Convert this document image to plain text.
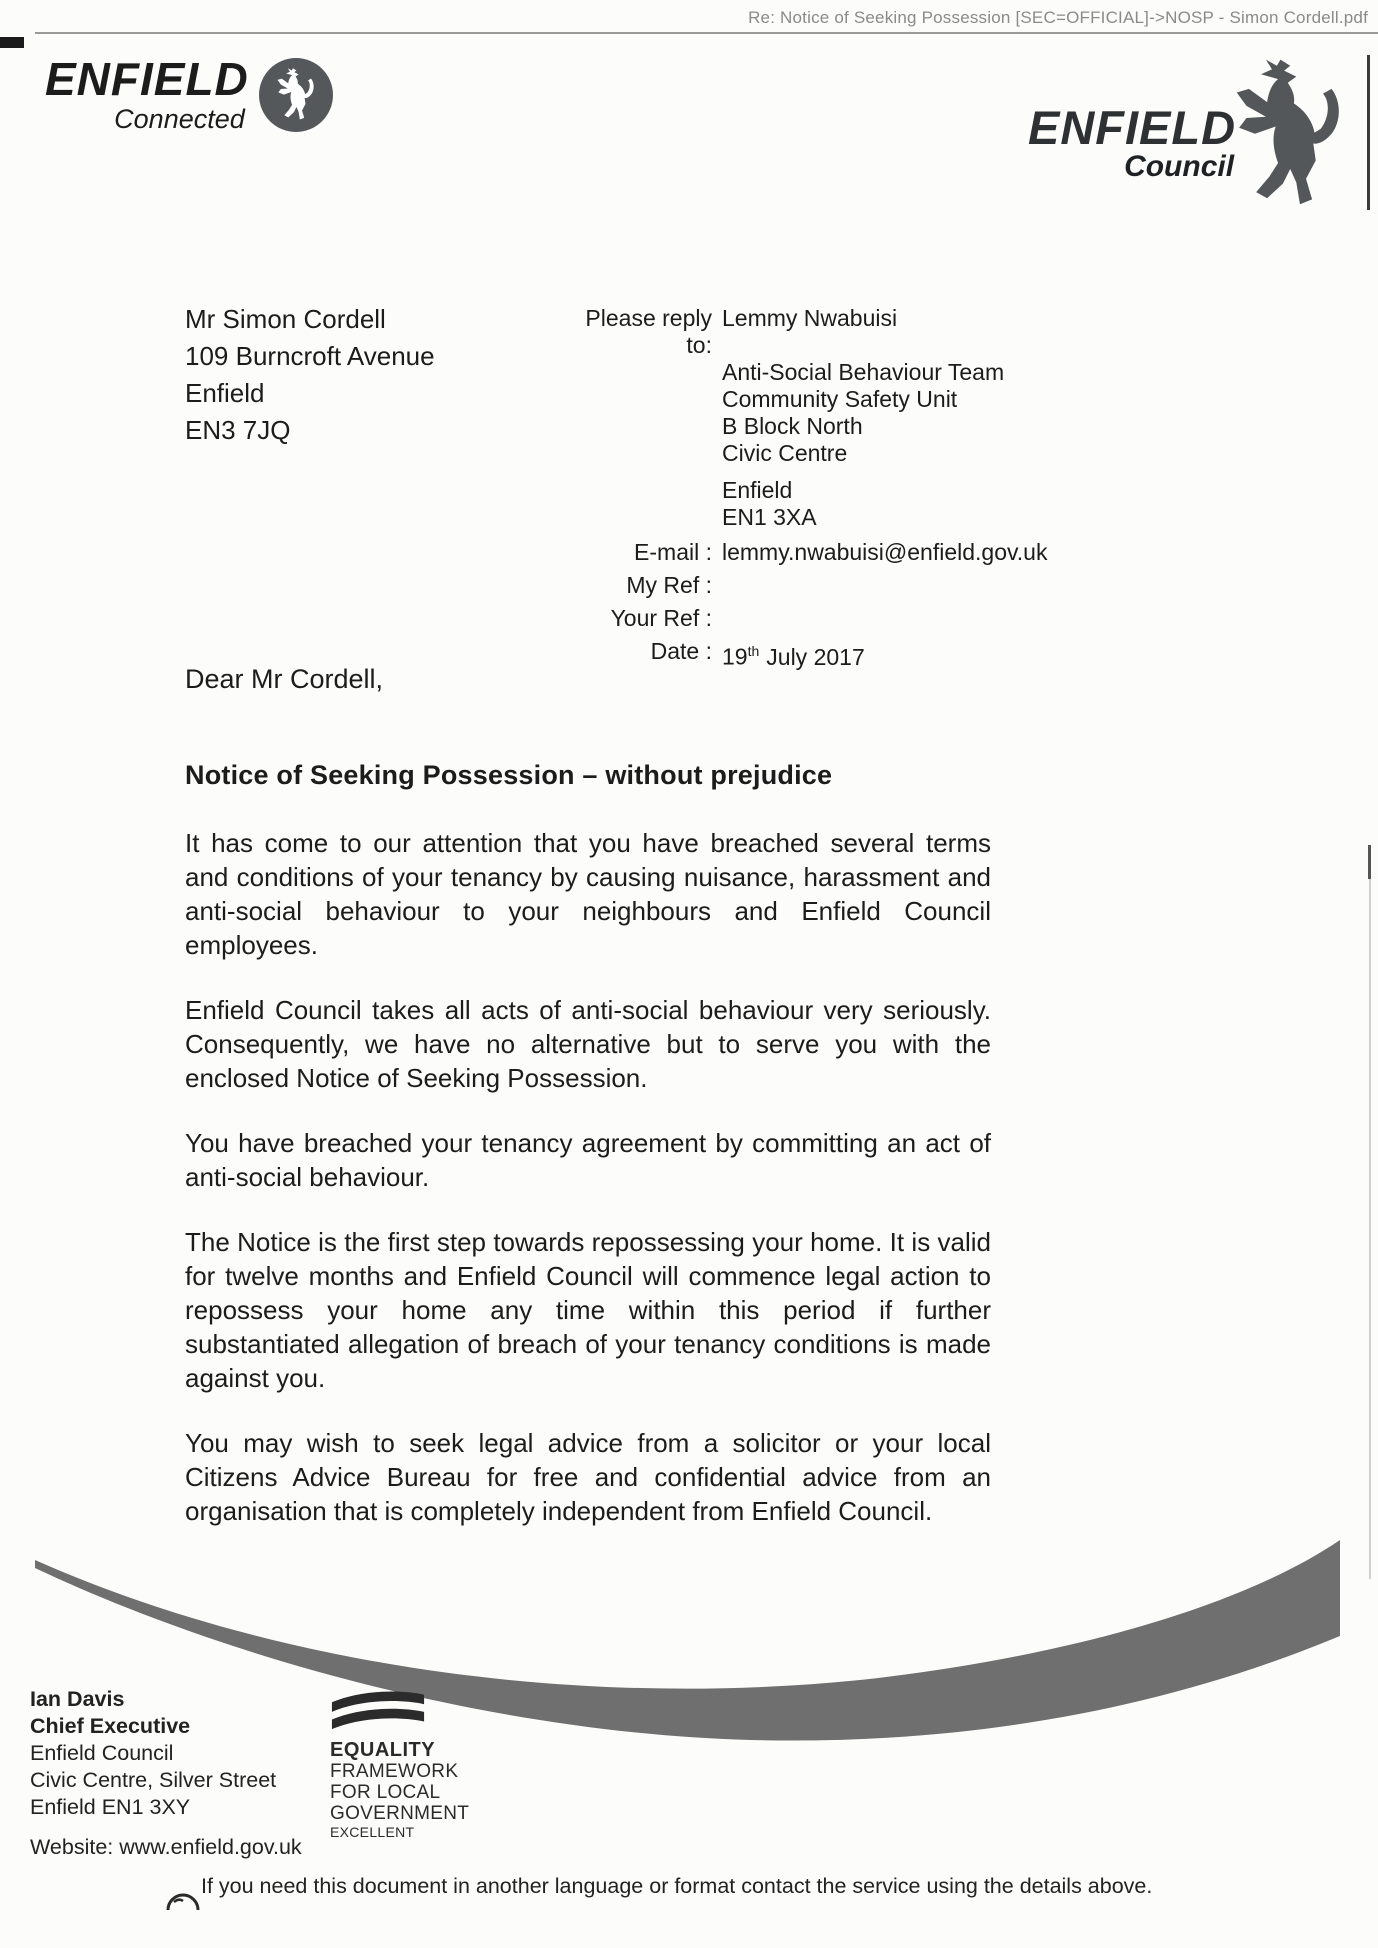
Re: Notice of Seeking Possession [SEC=OFFICIAL]->NOSP - Simon Cordell.pdf
ENFIELD
Connected	ENFIELD
Council
Mr Simon Cordell
109 Burncroft Avenue
Enfield
EN3 7JQ
Please reply to:
Lemmy Nwabuisi
Anti-Social Behaviour Team
Community Safety Unit
B Block North
Civic Centre
Enfield
EN1 3XA
E-mail : lemmy.nwabuisi@enfield.gov.uk
My Ref :
Your Ref :
Date : 19th July 2017
Dear Mr Cordell,
Notice of Seeking Possession – without prejudice

It has come to our attention that you have breached several terms and conditions of your tenancy by causing nuisance, harassment and anti-social behaviour to your neighbours and Enfield Council employees.

Enfield Council takes all acts of anti-social behaviour very seriously. Consequently, we have no alternative but to serve you with the enclosed Notice of Seeking Possession.

You have breached your tenancy agreement by committing an act of anti-social behaviour.

The Notice is the first step towards repossessing your home. It is valid for twelve months and Enfield Council will commence legal action to repossess your home any time within this period if further substantiated allegation of breach of your tenancy conditions is made against you.

You may wish to seek legal advice from a solicitor or your local Citizens Advice Bureau for free and confidential advice from an organisation that is completely independent from Enfield Council.

Ian Davis
Chief Executive
Enfield Council
Civic Centre, Silver Street
Enfield EN1 3XY
Website: www.enfield.gov.uk
EQUALITY
FRAMEWORK
FOR LOCAL
GOVERNMENT
EXCELLENT
If you need this document in another language or format contact the service using the details above.
